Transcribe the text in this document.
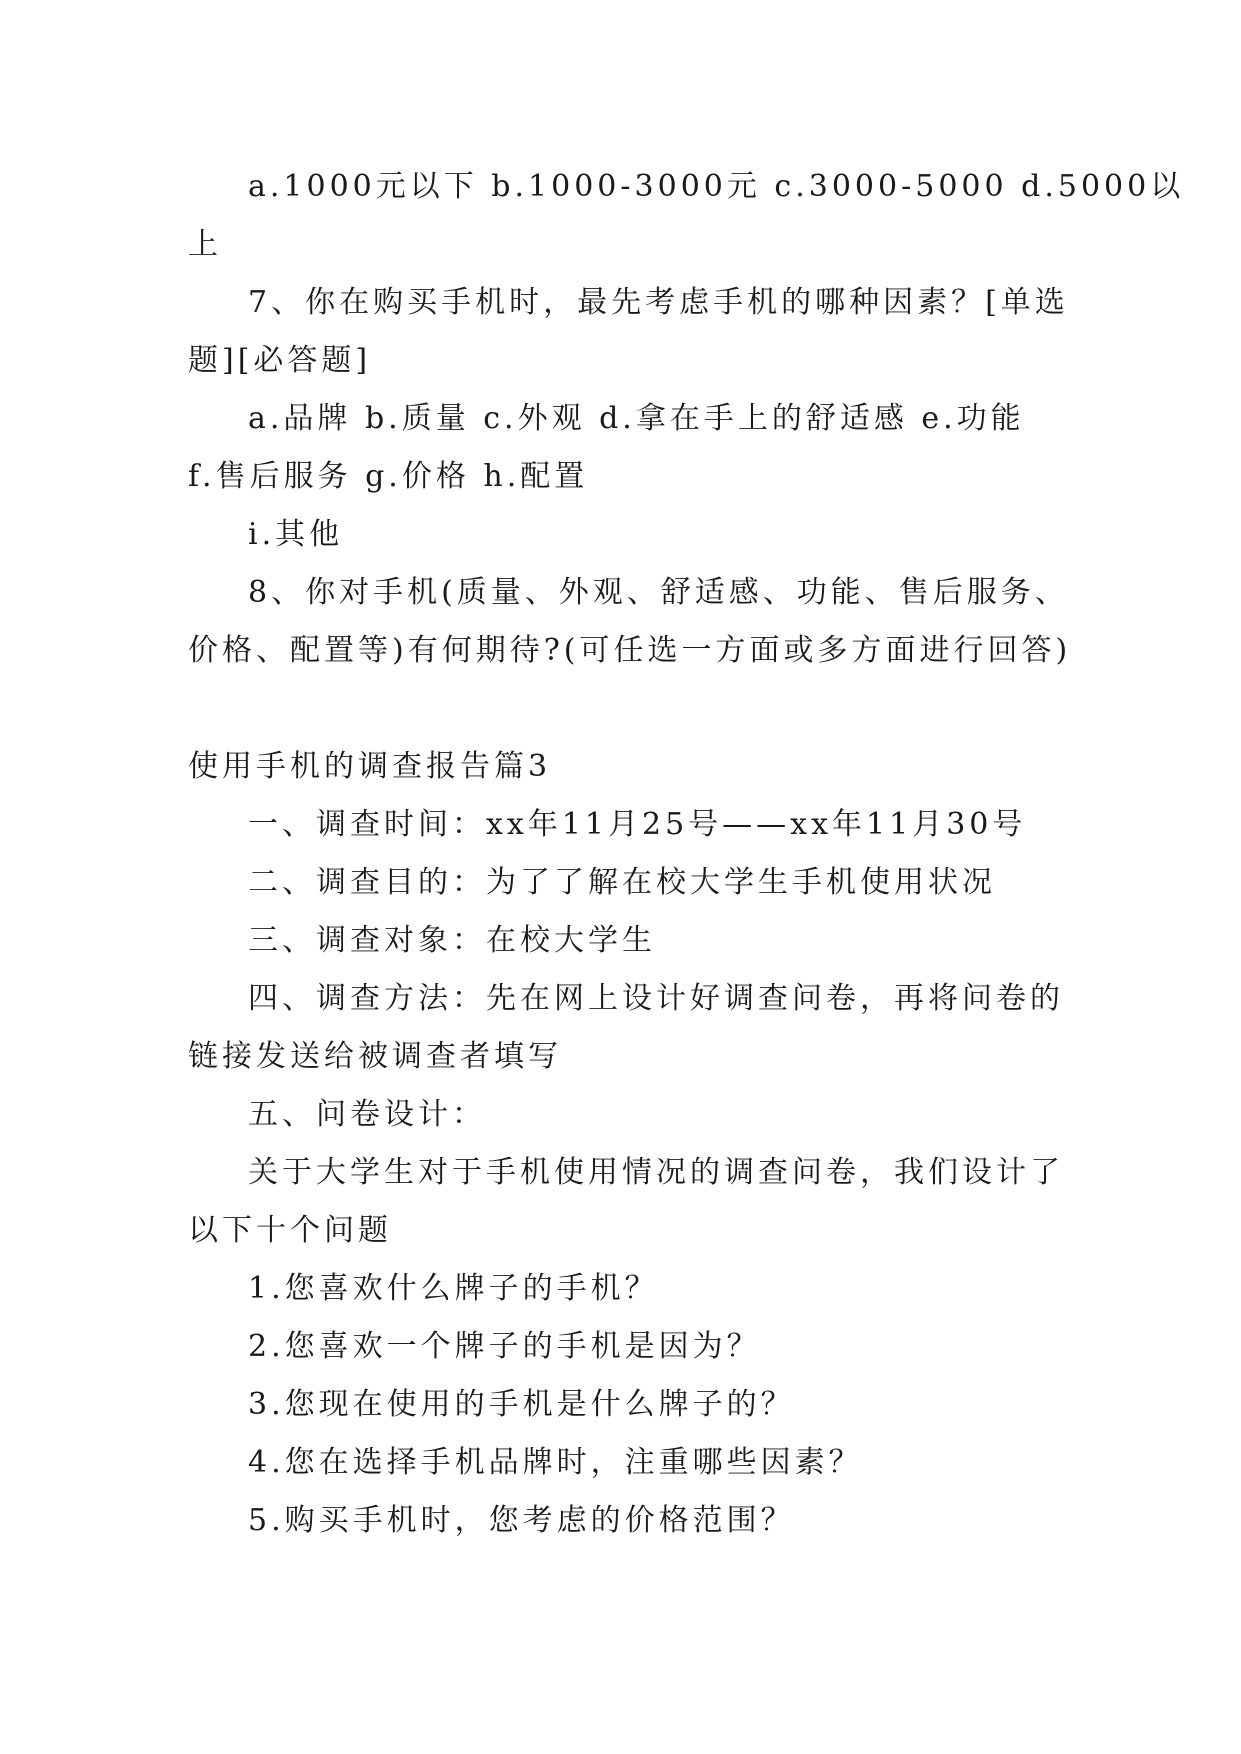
a.1000元以下 b.1000-3000元 c.3000-5000 d.5000以

上

7、你在购买手机时，最先考虑手机的哪种因素？[单选

题][必答题]

a.品牌 b.质量 c.外观 d.拿在手上的舒适感 e.功能

f.售后服务 g.价格 h.配置

i.其他

8、你对手机(质量、外观、舒适感、功能、售后服务、

价格、配置等)有何期待?(可任选一方面或多方面进行回答)

使用手机的调查报告篇3

一、调查时间：xx年11月25号——xx年11月30号

二、调查目的：为了了解在校大学生手机使用状况

三、调查对象：在校大学生

四、调查方法：先在网上设计好调查问卷，再将问卷的

链接发送给被调查者填写

五、问卷设计：

关于大学生对于手机使用情况的调查问卷，我们设计了

以下十个问题

1.您喜欢什么牌子的手机？

2.您喜欢一个牌子的手机是因为？

3.您现在使用的手机是什么牌子的？

4.您在选择手机品牌时，注重哪些因素？

5.购买手机时，您考虑的价格范围？
